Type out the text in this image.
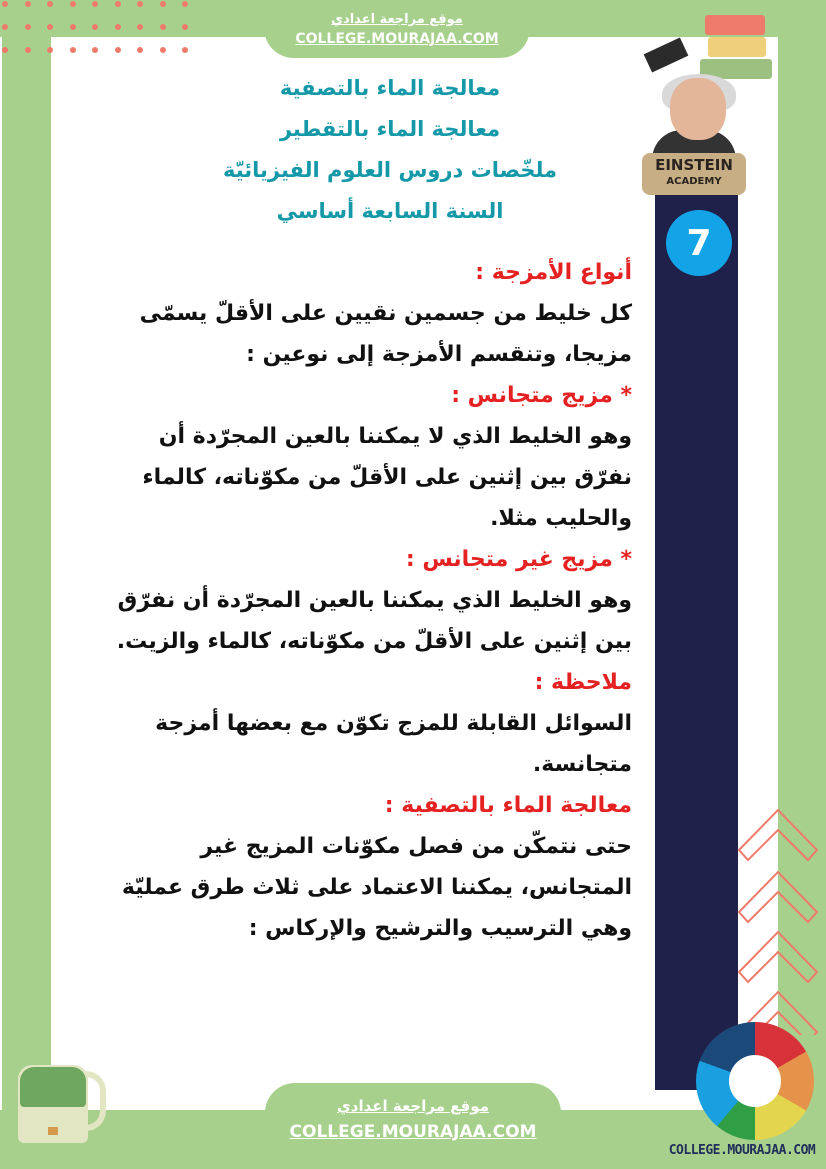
موقع مراجعة اعدادي
COLLEGE.MOURAJAA.COM
7
EINSTEIN
ACADEMY
معالجة الماء بالتصفية
معالجة الماء بالتقطير
ملخّصات دروس العلوم الفيزيائيّة
السنة السابعة أساسي
أنواع الأمزجة :
كل خليط من جسمين نقيين على الأقلّ يسمّى
مزيجا، وتنقسم الأمزجة إلى نوعين :
* مزيج متجانس :
وهو الخليط الذي لا يمكننا بالعين المجرّدة أن
نفرّق بين إثنين على الأقلّ من مكوّناته، كالماء
والحليب مثلا.
* مزيج غير متجانس :
وهو الخليط الذي يمكننا بالعين المجرّدة أن نفرّق
بين إثنين على الأقلّ من مكوّناته، كالماء والزيت.
ملاحظة :
السوائل القابلة للمزج تكوّن مع بعضها أمزجة
متجانسة.
معالجة الماء بالتصفية :
حتى نتمكّن من فصل مكوّنات المزيج غير
المتجانس، يمكننا الاعتماد على ثلاث طرق عمليّة
وهي الترسيب والترشيح والإركاس :
موقع مراجعة اعدادي
COLLEGE.MOURAJAA.COM
COLLEGE.MOURAJAA.COM
